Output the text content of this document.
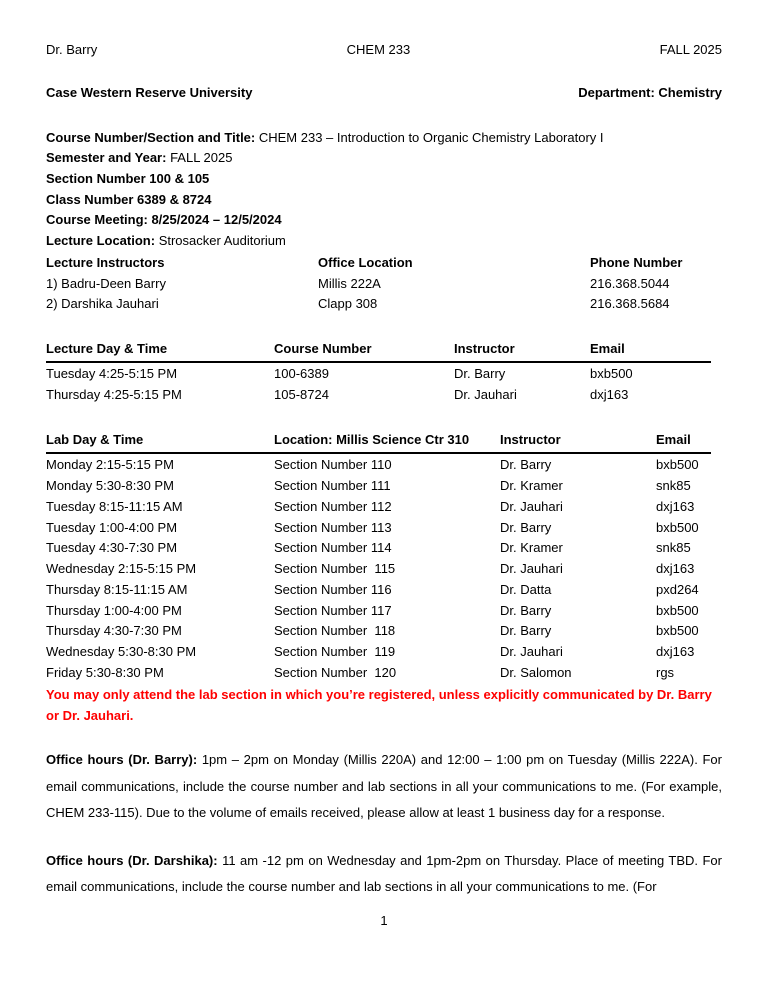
Dr. Barry	CHEM 233	FALL 2025
Case Western Reserve University	Department: Chemistry
Course Number/Section and Title: CHEM 233 – Introduction to Organic Chemistry Laboratory I
Semester and Year: FALL 2025
Section Number 100 & 105
Class Number 6389 & 8724
Course Meeting: 8/25/2024 – 12/5/2024
Lecture Location: Strosacker Auditorium
Lecture Instructors	Office Location	Phone Number
1) Badru-Deen Barry	Millis 222A	216.368.5044
2) Darshika Jauhari	Clapp 308	216.368.5684
Lecture Day & Time	Course Number	Instructor	Email
Tuesday 4:25-5:15 PM	100-6389	Dr. Barry	bxb500
Thursday 4:25-5:15 PM	105-8724	Dr. Jauhari	dxj163
Lab Day & Time	Location: Millis Science Ctr 310	Instructor	Email
Monday 2:15-5:15 PM	Section Number 110	Dr. Barry	bxb500
Monday 5:30-8:30 PM	Section Number 111	Dr. Kramer	snk85
Tuesday 8:15-11:15 AM	Section Number 112	Dr. Jauhari	dxj163
Tuesday 1:00-4:00 PM	Section Number 113	Dr. Barry	bxb500
Tuesday 4:30-7:30 PM	Section Number 114	Dr. Kramer	snk85
Wednesday 2:15-5:15 PM	Section Number  115	Dr. Jauhari	dxj163
Thursday 8:15-11:15 AM	Section Number 116	Dr. Datta	pxd264
Thursday 1:00-4:00 PM	Section Number 117	Dr. Barry	bxb500
Thursday 4:30-7:30 PM	Section Number  118	Dr. Barry	bxb500
Wednesday 5:30-8:30 PM	Section Number  119	Dr. Jauhari	dxj163
Friday 5:30-8:30 PM	Section Number  120	Dr. Salomon	rgs
You may only attend the lab section in which you’re registered, unless explicitly communicated by Dr. Barry or Dr. Jauhari.

Office hours (Dr. Barry): 1pm – 2pm on Monday (Millis 220A) and 12:00 – 1:00 pm on Tuesday (Millis 222A). For email communications, include the course number and lab sections in all your communications to me. (For example, CHEM 233-115). Due to the volume of emails received, please allow at least 1 business day for a response.

Office hours (Dr. Darshika): 11 am -12 pm on Wednesday and 1pm-2pm on Thursday. Place of meeting TBD. For email communications, include the course number and lab sections in all your communications to me. (For

1
